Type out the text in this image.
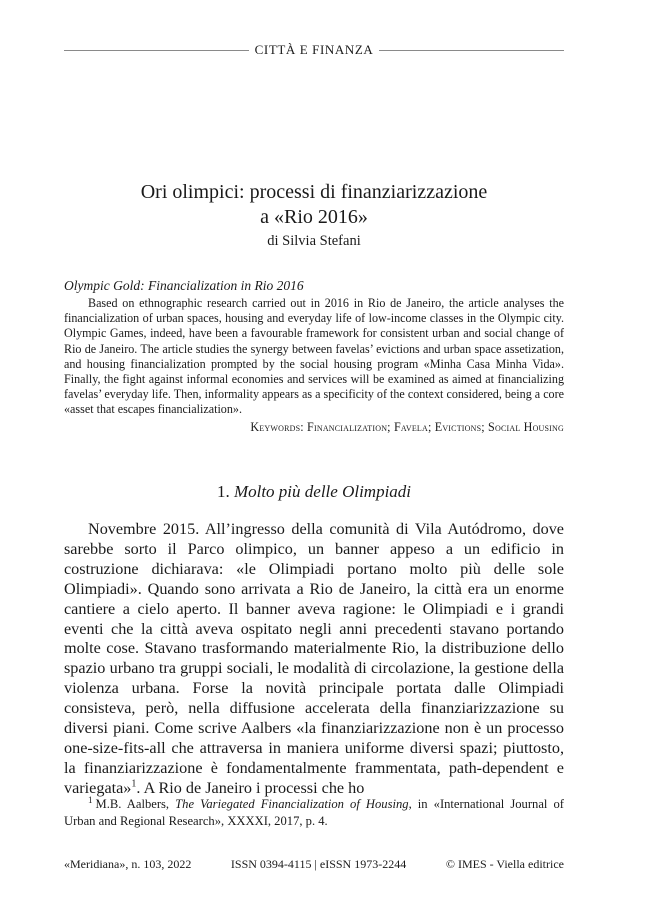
CITTÀ E FINANZA
Ori olimpici: processi di finanziarizzazione
a «Rio 2016»
di Silvia Stefani
Olympic Gold: Financialization in Rio 2016
Based on ethnographic research carried out in 2016 in Rio de Janeiro, the article analyses the financialization of urban spaces, housing and everyday life of low-income classes in the Olympic city. Olympic Games, indeed, have been a favourable framework for consistent urban and social change of Rio de Janeiro. The article studies the synergy between favelas’ evictions and urban space assetization, and housing financialization prompted by the social housing program «Minha Casa Minha Vida». Finally, the fight against informal economies and services will be examined as aimed at financializing favelas’ everyday life. Then, informality appears as a specificity of the context considered, being a core «asset that escapes financialization».
Keywords: Financialization; Favela; Evictions; Social Housing
1. Molto più delle Olimpiadi
Novembre 2015. All’ingresso della comunità di Vila Autódromo, dove sarebbe sorto il Parco olimpico, un banner appeso a un edificio in costruzione dichiarava: «le Olimpiadi portano molto più delle sole Olimpiadi». Quando sono arrivata a Rio de Janeiro, la città era un enorme cantiere a cielo aperto. Il banner aveva ragione: le Olimpiadi e i grandi eventi che la città aveva ospitato negli anni precedenti stavano portando molte cose. Stavano trasformando materialmente Rio, la distribuzione dello spazio urbano tra gruppi sociali, le modalità di circolazione, la gestione della violenza urbana. Forse la novità principale portata dalle Olimpiadi consisteva, però, nella diffusione accelerata della finanziarizzazione su diversi piani. Come scrive Aalbers «la finanziarizzazione non è un processo one-size-fits-all che attraversa in maniera uniforme diversi spazi; piuttosto, la finanziarizzazione è fondamentalmente frammentata, path-dependent e variegata»$^1$. A Rio de Janeiro i processi che ho
$^1$ M.B. Aalbers, The Variegated Financialization of Housing, in «International Journal of Urban and Regional Research», XXXXI, 2017, p. 4.
«Meridiana», n. 103, 2022	ISSN 0394-4115 | eISSN 1973-2244	© IMES - Viella editrice
